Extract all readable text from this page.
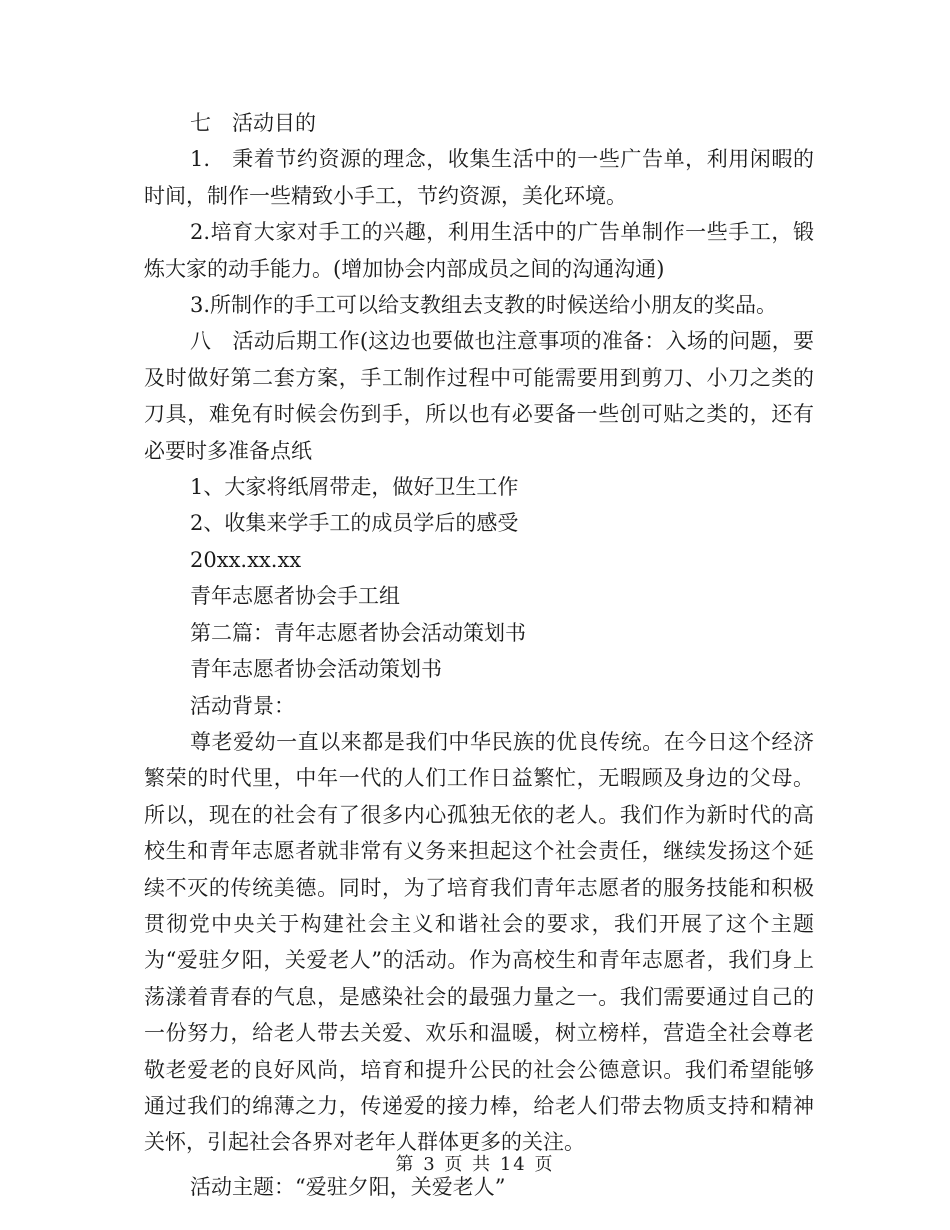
七　活动目的

1.　秉着节约资源的理念，收集生活中的一些广告单，利用闲暇的时间，制作一些精致小手工，节约资源，美化环境。

2.培育大家对手工的兴趣，利用生活中的广告单制作一些手工，锻炼大家的动手能力。(增加协会内部成员之间的沟通沟通)

3.所制作的手工可以给支教组去支教的时候送给小朋友的奖品。

八　活动后期工作(这边也要做也注意事项的准备：入场的问题，要及时做好第二套方案，手工制作过程中可能需要用到剪刀、小刀之类的刀具，难免有时候会伤到手，所以也有必要备一些创可贴之类的，还有必要时多准备点纸

1、大家将纸屑带走，做好卫生工作

2、收集来学手工的成员学后的感受

20xx.xx.xx

青年志愿者协会手工组

第二篇：青年志愿者协会活动策划书

青年志愿者协会活动策划书

活动背景：

尊老爱幼一直以来都是我们中华民族的优良传统。在今日这个经济繁荣的时代里，中年一代的人们工作日益繁忙，无暇顾及身边的父母。所以，现在的社会有了很多内心孤独无依的老人。我们作为新时代的高校生和青年志愿者就非常有义务来担起这个社会责任，继续发扬这个延续不灭的传统美德。同时，为了培育我们青年志愿者的服务技能和积极贯彻党中央关于构建社会主义和谐社会的要求，我们开展了这个主题为“爱驻夕阳，关爱老人”的活动。作为高校生和青年志愿者，我们身上荡漾着青春的气息，是感染社会的最强力量之一。我们需要通过自己的一份努力，给老人带去关爱、欢乐和温暖，树立榜样，营造全社会尊老敬老爱老的良好风尚，培育和提升公民的社会公德意识。我们希望能够通过我们的绵薄之力，传递爱的接力棒，给老人们带去物质支持和精神关怀，引起社会各界对老年人群体更多的关注。

活动主题：“爱驻夕阳，关爱老人”

第 3 页 共 14 页
